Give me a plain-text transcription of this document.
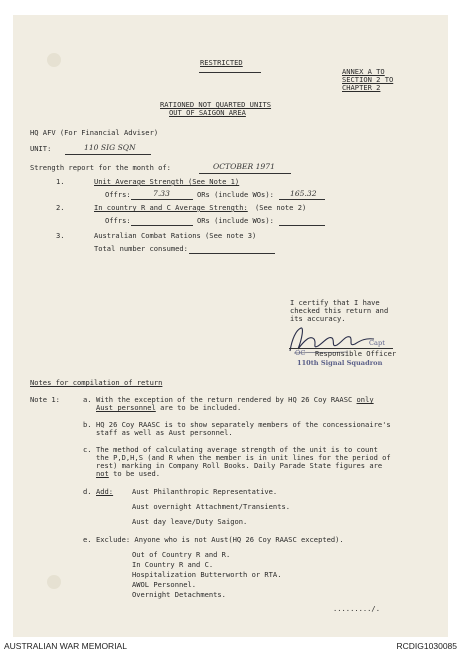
RESTRICTED
ANNEX A TO
SECTION 2 TO
CHAPTER 2
RATIONED NOT QUARTED UNITS
OUT OF SAIGON AREA
HQ AFV (For Financial Adviser)
UNIT:	110 SIG SQN
Strength report for the month of:	OCTOBER 1971
1.	Unit Average Strength (See Note 1)
Offrs:	7.33	ORs (include WOs): 165.32
2.	In country R and C Average Strength: (See note 2)
Offrs:	ORs (include WOs):
3.	Australian Combat Rations (See note 3)
Total number consumed:
I certify that I have
checked this return and
its accuracy.
Capt
OC Responsible Officer
110th Signal Squadron
Notes for compilation of return
Note 1:	a. With the exception of the return rendered by HQ 26 Coy RAASC only
Aust personnel are to be included.
b. HQ 26 Coy RAASC is to show separately members of the concessionaire's
staff as well as Aust personnel.
c. The method of calculating average strength of the unit is to count
the P,D,H,S (and R when the member is in unit lines for the period of
rest) marking in Company Roll Books. Daily Parade State figures are
not to be used.
d. Add:	Aust Philanthropic Representative.
Aust overnight Attachment/Transients.
Aust day leave/Duty Saigon.
e. Exclude: Anyone who is not Aust(HQ 26 Coy RAASC excepted).
Out of Country R and R.
In Country R and C.
Hospitalization Butterworth or RTA.
AWOL Personnel.
Overnight Detachments.
........./.
AUSTRALIAN WAR MEMORIAL	RCDIG1030085
